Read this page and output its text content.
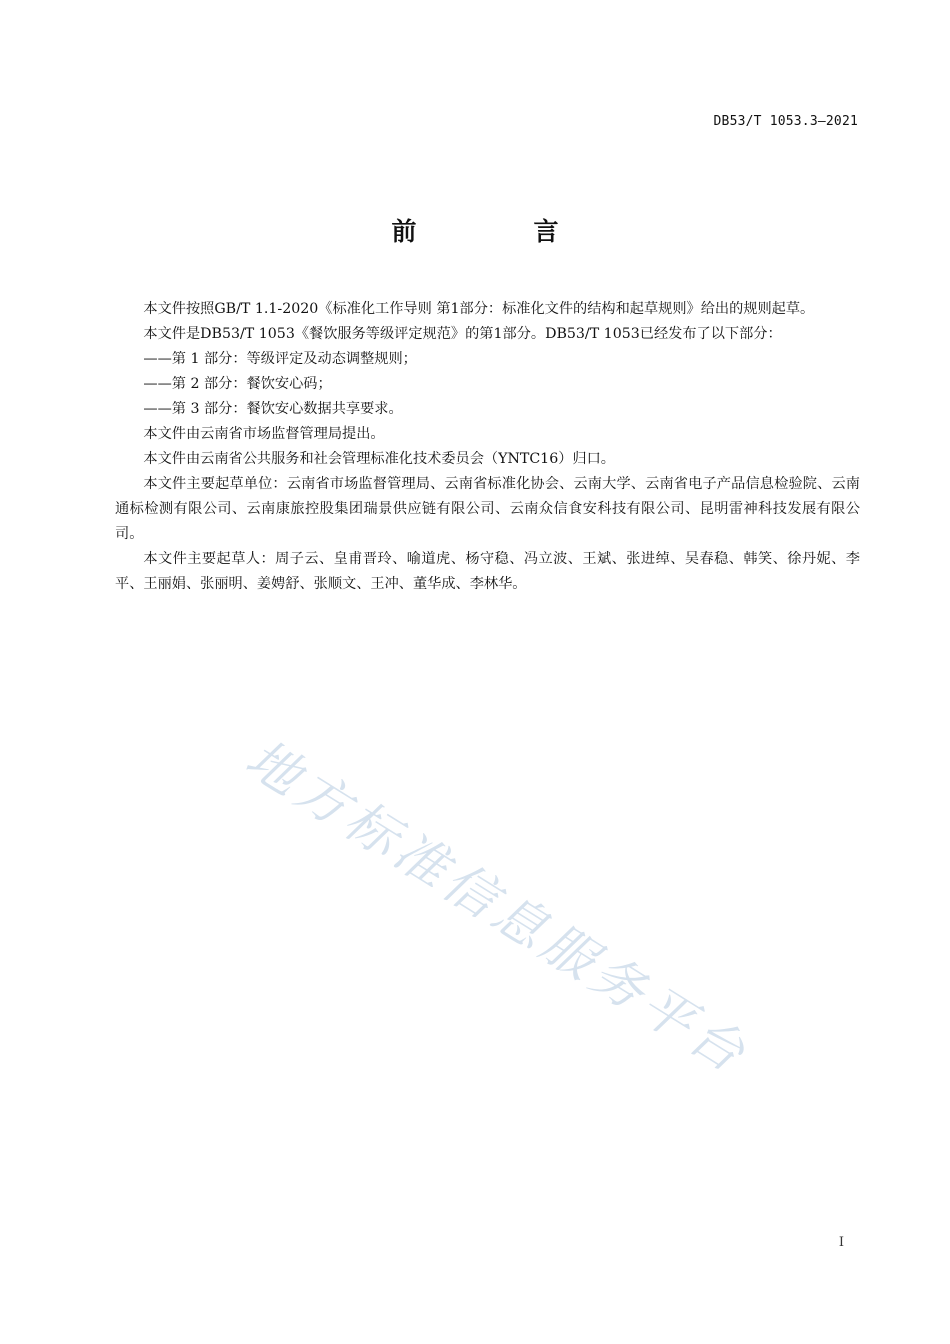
DB53/T 1053.3—2021
前　言

本文件按照GB/T 1.1-2020《标准化工作导则 第1部分：标准化文件的结构和起草规则》给出的规则起草。

本文件是DB53/T 1053《餐饮服务等级评定规范》的第1部分。DB53/T 1053已经发布了以下部分：

——第 1 部分：等级评定及动态调整规则；

——第 2 部分：餐饮安心码；

——第 3 部分：餐饮安心数据共享要求。

本文件由云南省市场监督管理局提出。

本文件由云南省公共服务和社会管理标准化技术委员会（YNTC16）归口。

本文件主要起草单位：云南省市场监督管理局、云南省标准化协会、云南大学、云南省电子产品信息检验院、云南通标检测有限公司、云南康旅控股集团瑞景供应链有限公司、云南众信食安科技有限公司、昆明雷神科技发展有限公司。

本文件主要起草人：周子云、皇甫晋玲、喻道虎、杨守稳、冯立波、王斌、张进绰、吴春稳、韩笑、徐丹妮、李平、王丽娟、张丽明、姜娉舒、张顺文、王冲、董华成、李林华。

地方标准信息服务平台
I
